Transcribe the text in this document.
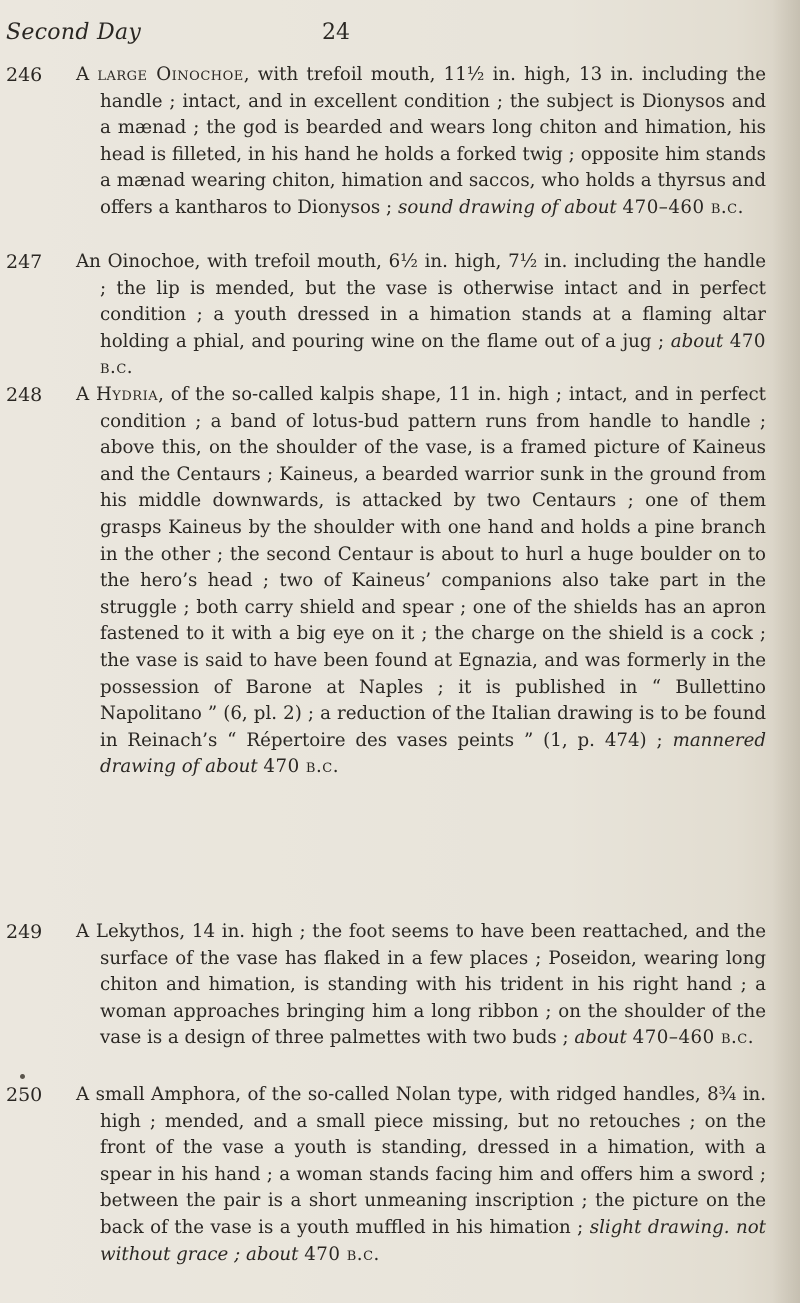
Second Day	24
246 A large Oinochoe, with trefoil mouth, 11½ in. high, 13 in. including the handle ; intact, and in excellent condition ; the subject is Dionysos and a mænad ; the god is bearded and wears long chiton and himation, his head is filleted, in his hand he holds a forked twig ; opposite him stands a mænad wearing chiton, himation and saccos, who holds a thyrsus and offers a kantharos to Dionysos ; sound drawing of about 470–460 b.c.
247 An Oinochoe, with trefoil mouth, 6½ in. high, 7½ in. including the handle ; the lip is mended, but the vase is otherwise intact and in perfect condition ; a youth dressed in a himation stands at a flaming altar holding a phial, and pouring wine on the flame out of a jug ; about 470 b.c.
248 A Hydria, of the so-called kalpis shape, 11 in. high ; intact, and in perfect condition ; a band of lotus-bud pattern runs from handle to handle ; above this, on the shoulder of the vase, is a framed picture of Kaineus and the Centaurs ; Kaineus, a bearded warrior sunk in the ground from his middle downwards, is attacked by two Centaurs ; one of them grasps Kaineus by the shoulder with one hand and holds a pine branch in the other ; the second Centaur is about to hurl a huge boulder on to the hero’s head ; two of Kaineus’ companions also take part in the struggle ; both carry shield and spear ; one of the shields has an apron fastened to it with a big eye on it ; the charge on the shield is a cock ; the vase is said to have been found at Egnazia, and was formerly in the possession of Barone at Naples ; it is published in “ Bullettino Napolitano ” (6, pl. 2) ; a reduction of the Italian drawing is to be found in Reinach’s “ Répertoire des vases peints ” (1, p. 474) ; mannered drawing of about 470 b.c.
249 A Lekythos, 14 in. high ; the foot seems to have been reattached, and the surface of the vase has flaked in a few places ; Poseidon, wearing long chiton and himation, is standing with his trident in his right hand ; a woman approaches bringing him a long ribbon ; on the shoulder of the vase is a design of three palmettes with two buds ; about 470–460 b.c.
250 A small Amphora, of the so-called Nolan type, with ridged handles, 8¾ in. high ; mended, and a small piece missing, but no retouches ; on the front of the vase a youth is standing, dressed in a himation, with a spear in his hand ; a woman stands facing him and offers him a sword ; between the pair is a short unmeaning inscription ; the picture on the back of the vase is a youth muffled in his himation ; slight drawing. not without grace ; about 470 b.c.
